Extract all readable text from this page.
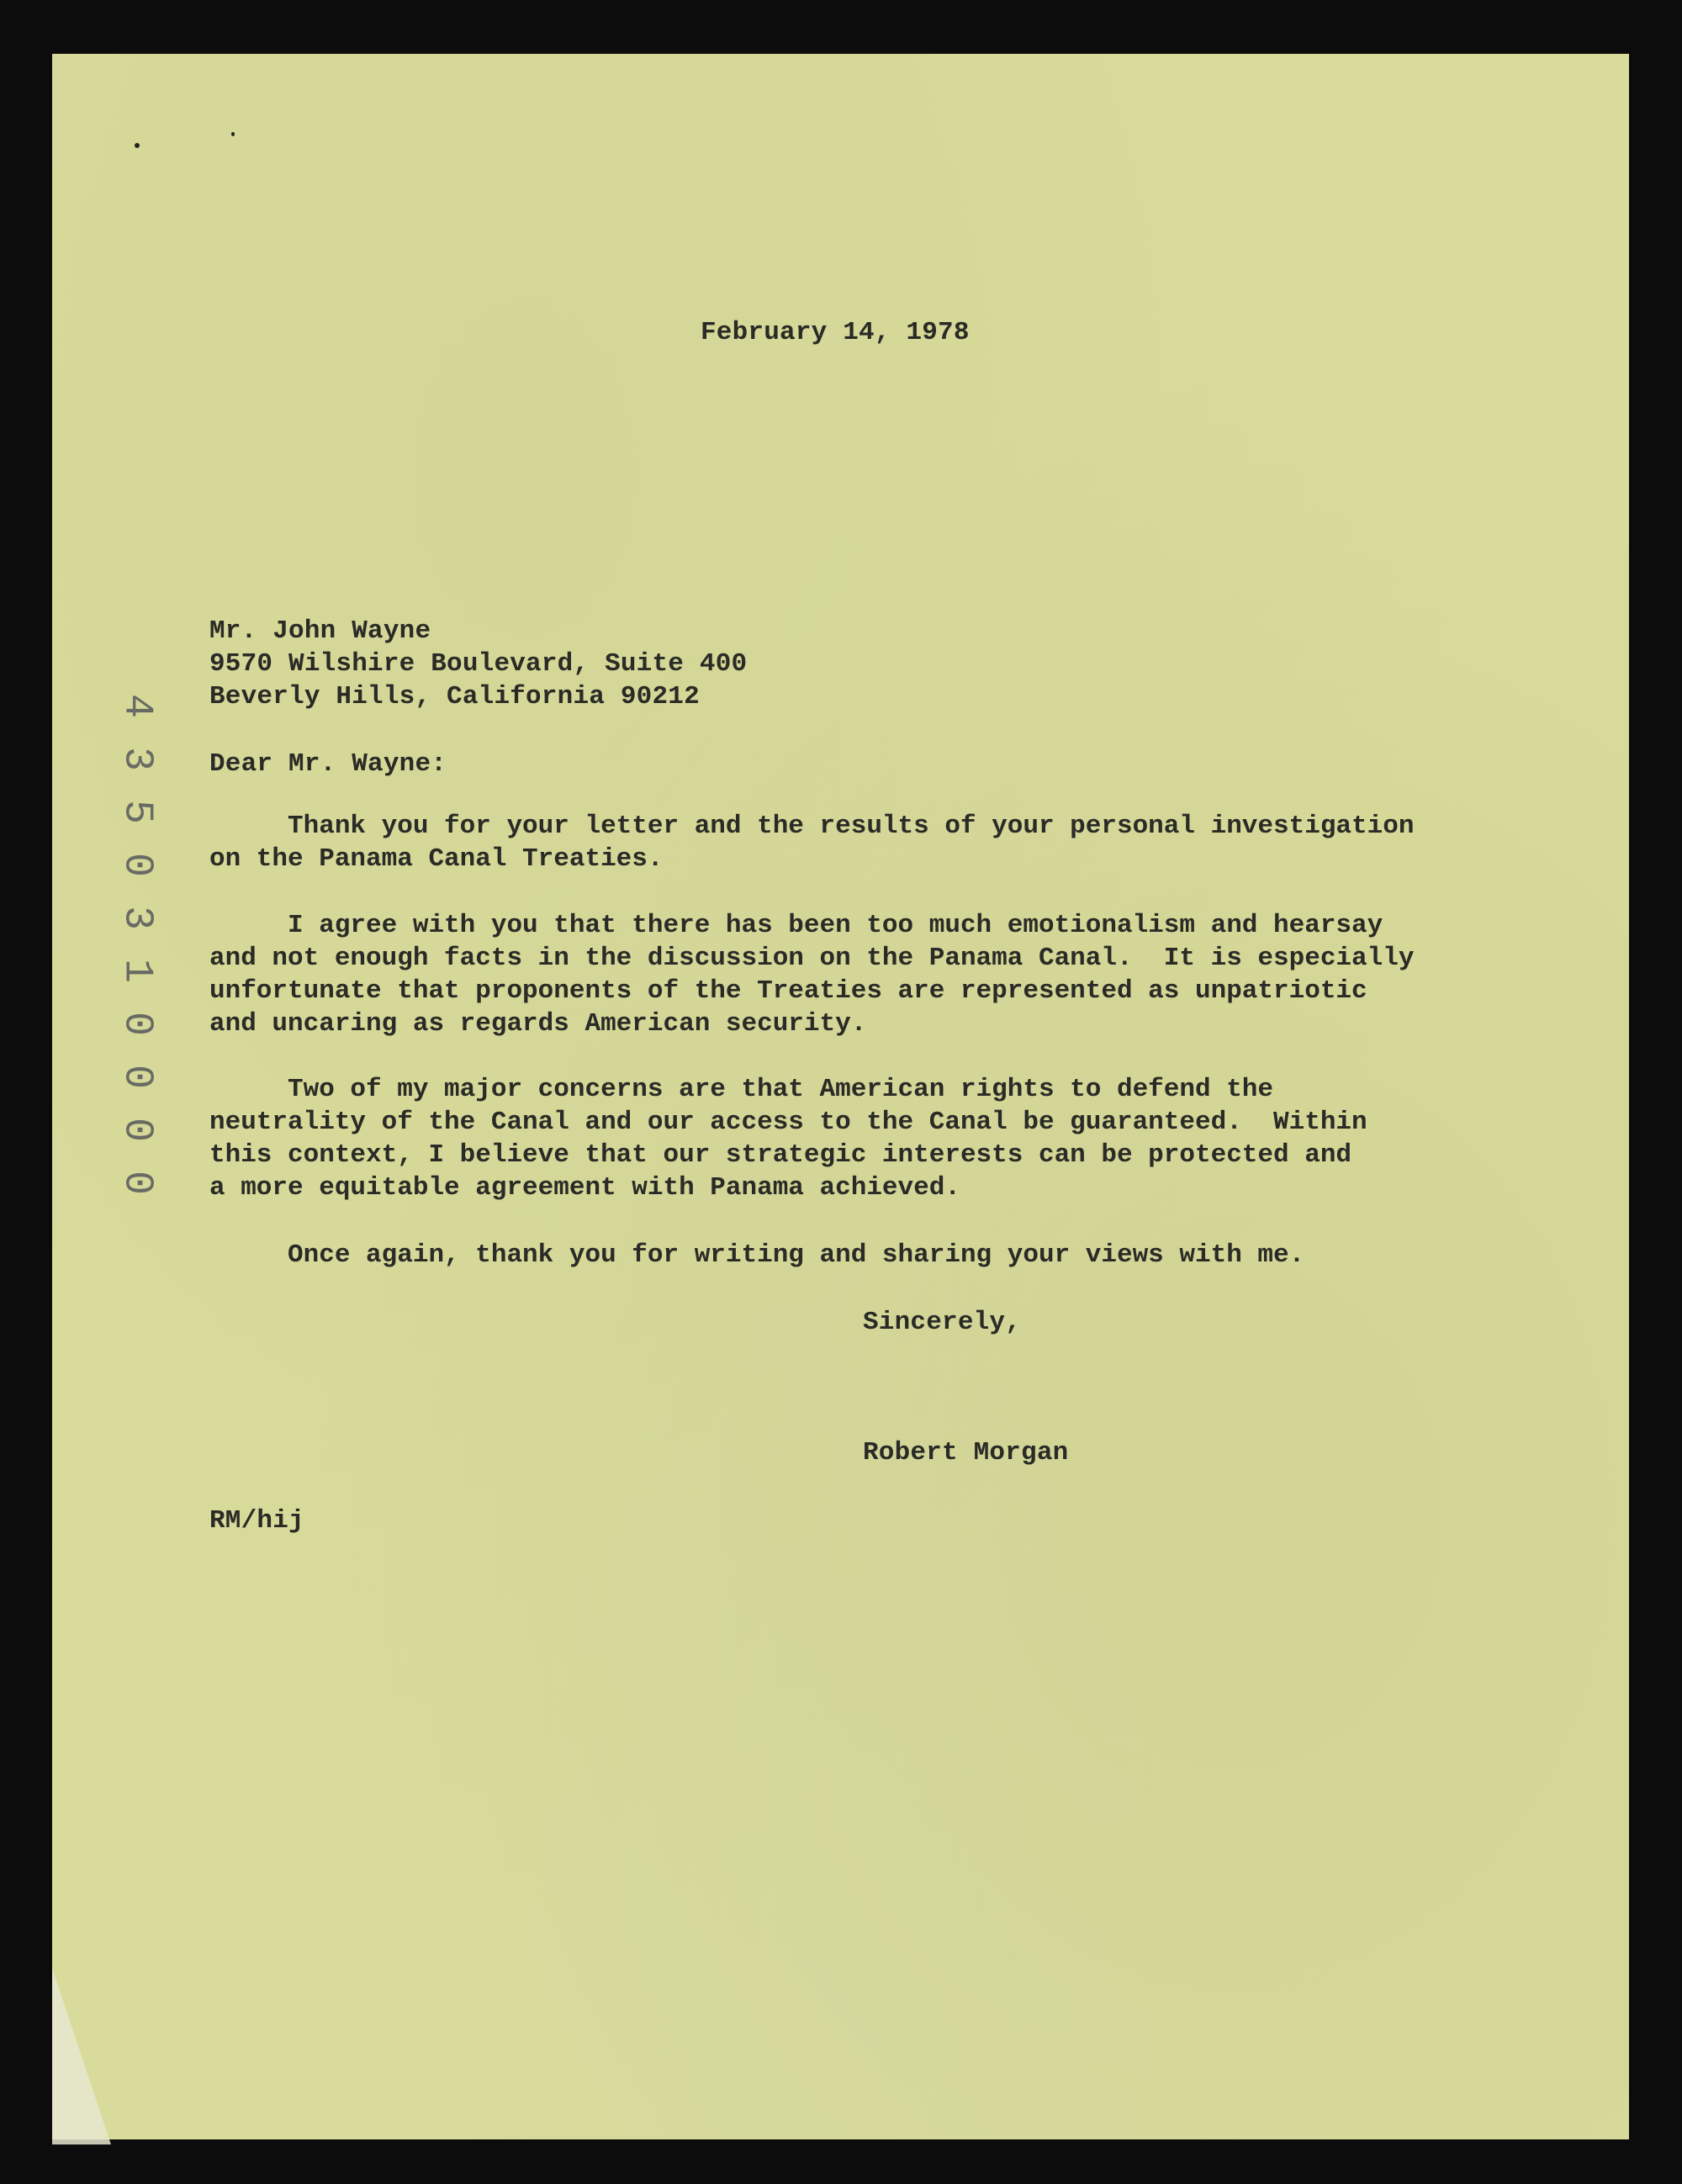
February 14, 1978
Mr. John Wayne
9570 Wilshire Boulevard, Suite 400
Beverly Hills, California 90212
Dear Mr. Wayne:
Thank you for your letter and the results of your personal investigation
on the Panama Canal Treaties.
I agree with you that there has been too much emotionalism and hearsay
and not enough facts in the discussion on the Panama Canal.  It is especially
unfortunate that proponents of the Treaties are represented as unpatriotic
and uncaring as regards American security.
Two of my major concerns are that American rights to defend the
neutrality of the Canal and our access to the Canal be guaranteed.  Within
this context, I believe that our strategic interests can be protected and
a more equitable agreement with Panama achieved.
Once again, thank you for writing and sharing your views with me.
Sincerely,
Robert Morgan
RM/hij
4
3
5
0
3
1
0
0
0
0
